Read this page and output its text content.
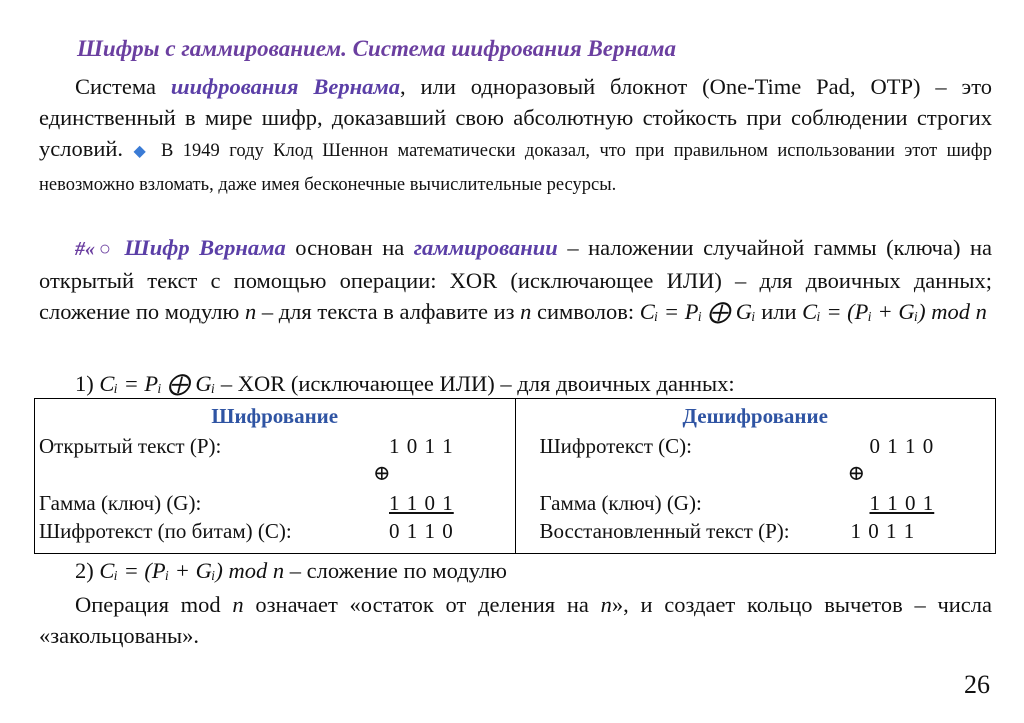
Шифры с гаммированием. Система шифрования Вернама
Система шифрования Вернама, или одноразовый блокнот (One-Time Pad, OTP) – это единственный в мире шифр, доказавший свою абсолютную стойкость при соблюдении строгих условий. ◆ В 1949 году Клод Шеннон математически доказал, что при правильном использовании этот шифр невозможно взломать, даже имея бесконечные вычислительные ресурсы.
#«○ Шифр Вернама основан на гаммировании – наложении случайной гаммы (ключа) на открытый текст с помощью операции: XOR (исключающее ИЛИ) – для двоичных данных; сложение по модулю n – для текста в алфавите из n символов: Cᵢ = Pᵢ ⨁ Gᵢ или Cᵢ = (Pᵢ + Gᵢ) mod n
1) Cᵢ = Pᵢ ⨁ Gᵢ – XOR (исключающее ИЛИ) – для двоичных данных:
Шифрование
Открытый текст (P):	1 0 1 1
⊕
Гамма (ключ) (G):	1 1 0 1
Шифротекст (по битам) (C):	0 1 1 0

Дешифрование
Шифротекст (C):	0 1 1 0
⊕
Гамма (ключ) (G):	1 1 0 1
Восстановленный текст (P):	1 0 1 1
2) Cᵢ = (Pᵢ + Gᵢ) mod n – сложение по модулю
Операция mod n означает «остаток от деления на n», и создает кольцо вычетов – числа «закольцованы».
26
